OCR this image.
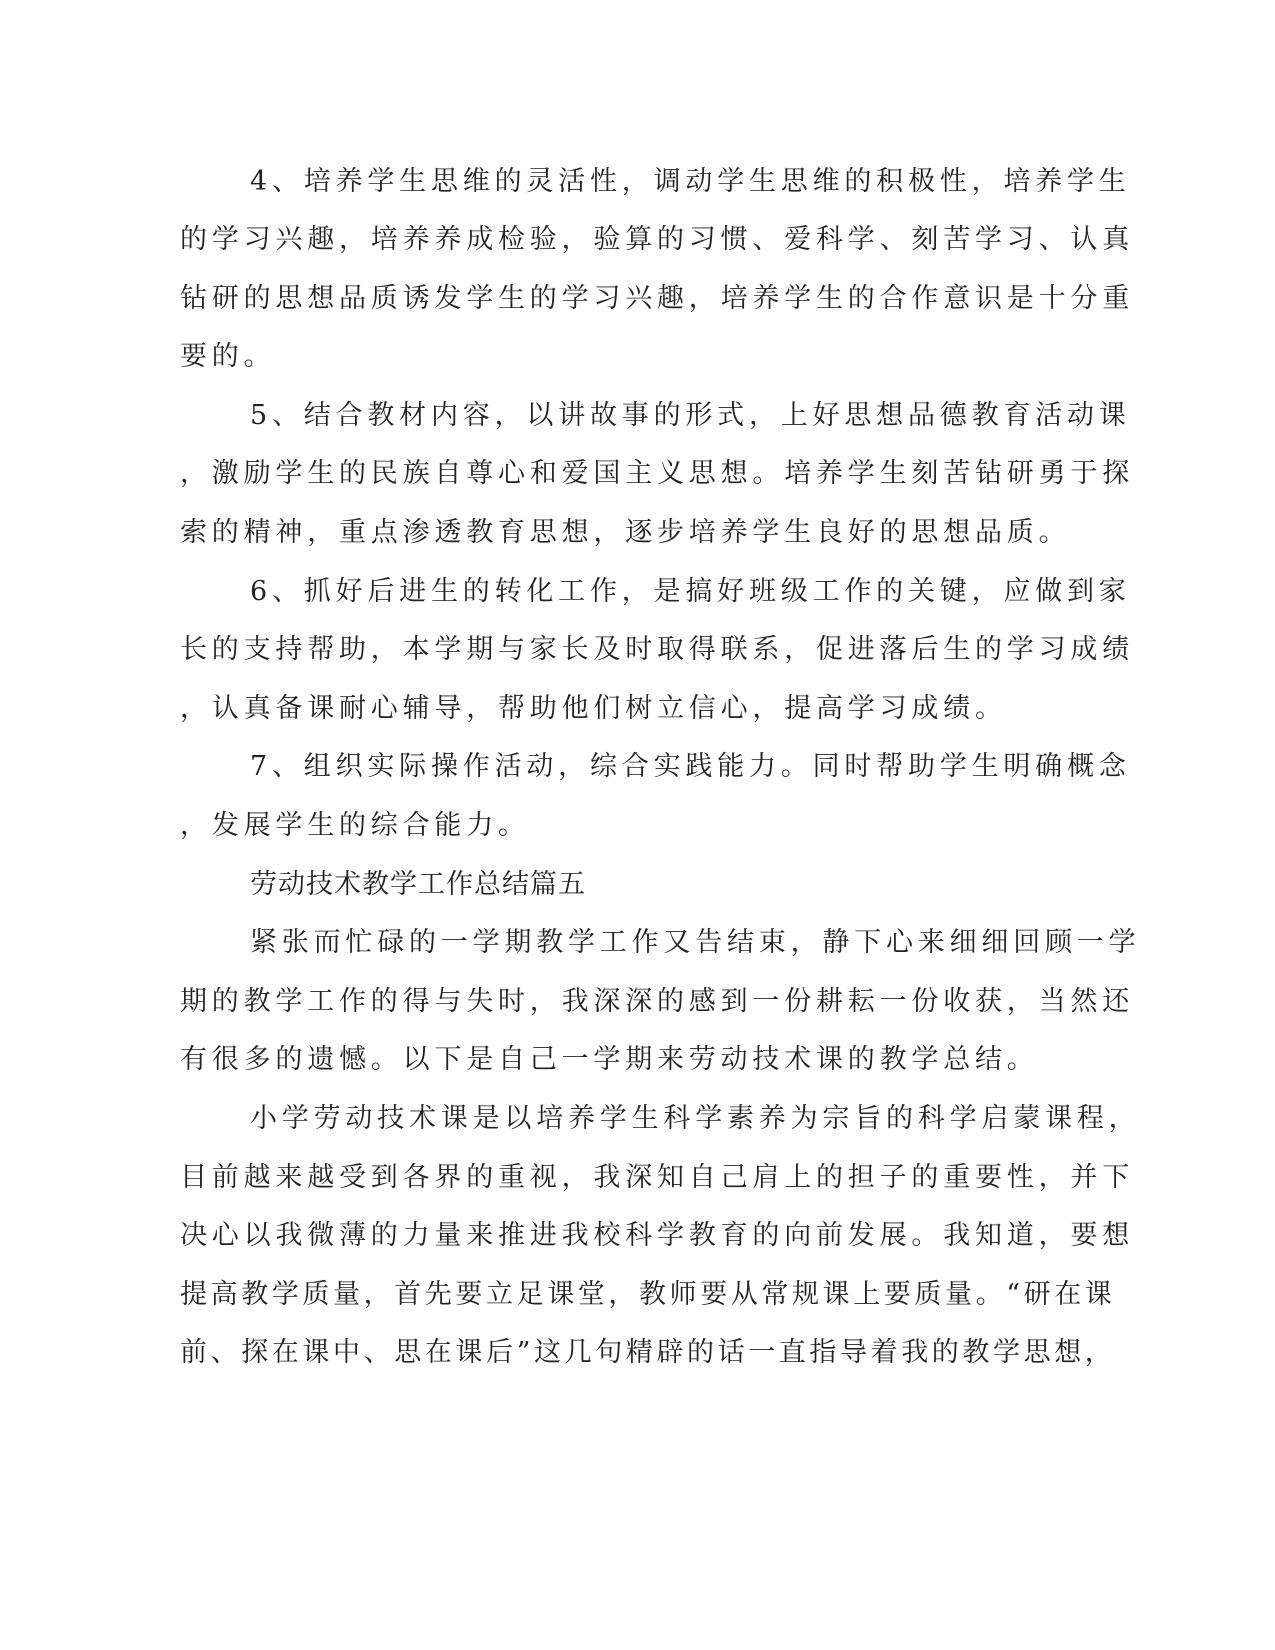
4、培养学生思维的灵活性，调动学生思维的积极性，培养学生
的学习兴趣，培养养成检验，验算的习惯、爱科学、刻苦学习、认真
钻研的思想品质诱发学生的学习兴趣，培养学生的合作意识是十分重
要的。
5、结合教材内容，以讲故事的形式，上好思想品德教育活动课
，激励学生的民族自尊心和爱国主义思想。培养学生刻苦钻研勇于探
索的精神，重点渗透教育思想，逐步培养学生良好的思想品质。
6、抓好后进生的转化工作，是搞好班级工作的关键，应做到家
长的支持帮助，本学期与家长及时取得联系，促进落后生的学习成绩
，认真备课耐心辅导，帮助他们树立信心，提高学习成绩。
7、组织实际操作活动，综合实践能力。同时帮助学生明确概念
，发展学生的综合能力。
劳动技术教学工作总结篇五
紧张而忙碌的一学期教学工作又告结束，静下心来细细回顾一学
期的教学工作的得与失时，我深深的感到一份耕耘一份收获，当然还
有很多的遗憾。以下是自己一学期来劳动技术课的教学总结。
小学劳动技术课是以培养学生科学素养为宗旨的科学启蒙课程，
目前越来越受到各界的重视，我深知自己肩上的担子的重要性，并下
决心以我微薄的力量来推进我校科学教育的向前发展。我知道，要想
提高教学质量，首先要立足课堂，教师要从常规课上要质量。“研在课
前、探在课中、思在课后”这几句精辟的话一直指导着我的教学思想，
